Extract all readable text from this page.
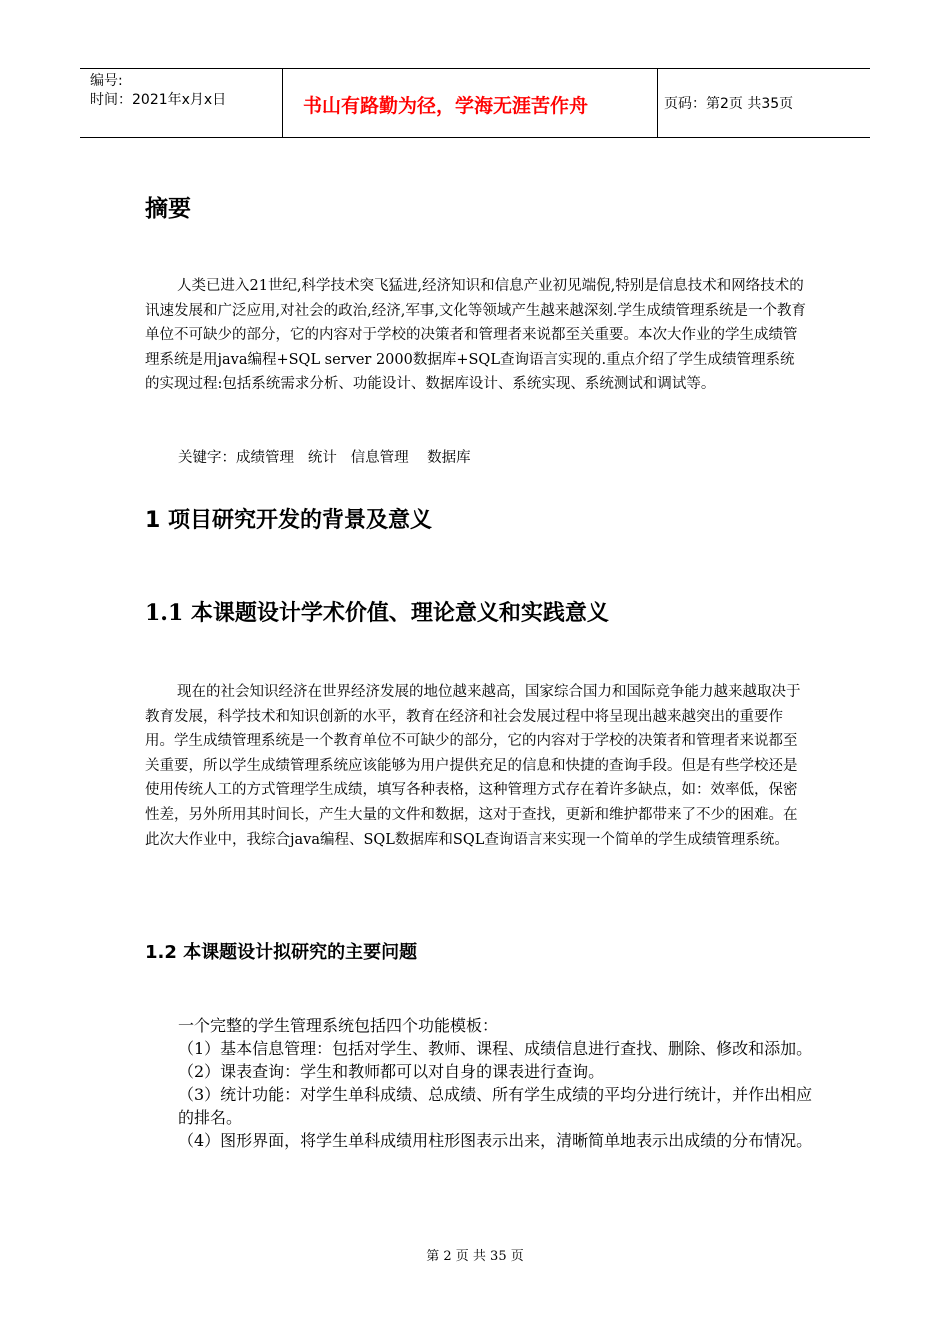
编号:
时间：2021年x月x日	书山有路勤为径，学海无涯苦作舟	页码：第2页 共35页
摘要
人类已进入21世纪,科学技术突飞猛进,经济知识和信息产业初见端倪,特别是信息技术和网络技术的讯速发展和广泛应用,对社会的政治,经济,军事,文化等领域产生越来越深刻.学生成绩管理系统是一个教育单位不可缺少的部分，它的内容对于学校的决策者和管理者来说都至关重要。本次大作业的学生成绩管理系统是用java编程+SQL server 2000数据库+SQL查询语言实现的.重点介绍了学生成绩管理系统的实现过程:包括系统需求分析、功能设计、数据库设计、系统实现、系统测试和调试等。
关键字：成绩管理   统计   信息管理    数据库
1 项目研究开发的背景及意义
1.1 本课题设计学术价值、理论意义和实践意义
现在的社会知识经济在世界经济发展的地位越来越高，国家综合国力和国际竞争能力越来越取决于教育发展，科学技术和知识创新的水平，教育在经济和社会发展过程中将呈现出越来越突出的重要作用。学生成绩管理系统是一个教育单位不可缺少的部分，它的内容对于学校的决策者和管理者来说都至关重要，所以学生成绩管理系统应该能够为用户提供充足的信息和快捷的查询手段。但是有些学校还是使用传统人工的方式管理学生成绩，填写各种表格，这种管理方式存在着许多缺点，如：效率低，保密性差，另外所用其时间长，产生大量的文件和数据，这对于查找，更新和维护都带来了不少的困难。在此次大作业中，我综合java编程、SQL数据库和SQL查询语言来实现一个简单的学生成绩管理系统。
1.2 本课题设计拟研究的主要问题
一个完整的学生管理系统包括四个功能模板：
（1）基本信息管理：包括对学生、教师、课程、成绩信息进行查找、删除、修改和添加。
（2）课表查询：学生和教师都可以对自身的课表进行查询。
（3）统计功能：对学生单科成绩、总成绩、所有学生成绩的平均分进行统计，并作出相应的排名。
（4）图形界面，将学生单科成绩用柱形图表示出来，清晰简单地表示出成绩的分布情况。
第 2 页 共 35 页
